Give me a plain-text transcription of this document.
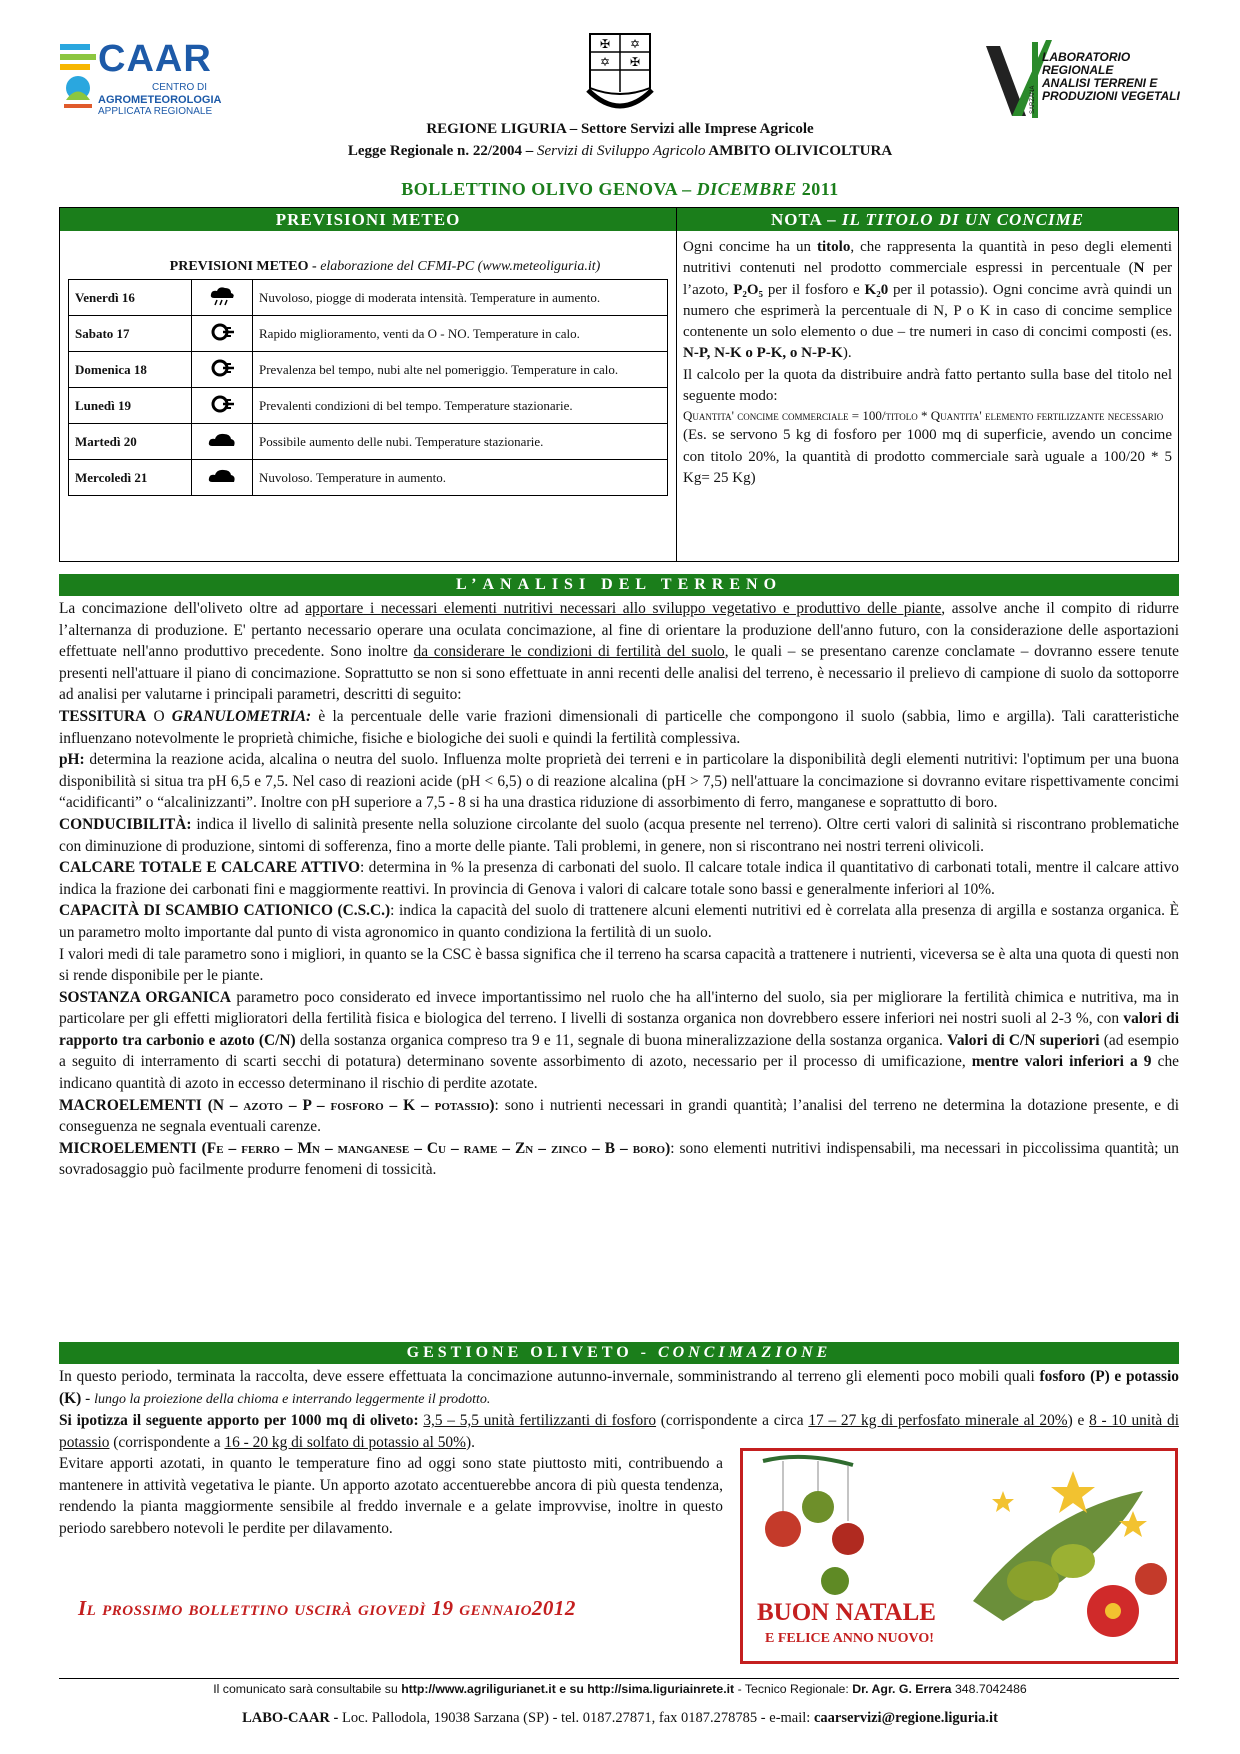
CAAR
CENTRO DI
AGROMETEOROLOGIA
APPLICATA REGIONALE
✠ ✡
✡ ✠	LABORATORIO
REGIONALE
ANALISI TERRENI E
PRODUZIONI VEGETALI
SARZANA
REGIONE LIGURIA – Settore Servizi alle Imprese Agricole
Legge Regionale n. 22/2004 – Servizi di Sviluppo Agricolo AMBITO OLIVICOLTURA
BOLLETTINO OLIVO GENOVA – DICEMBRE 2011
PREVISIONI METEO
PREVISIONI METEO - elaborazione del CFMI-PC (www.meteoliguria.it)
Venerdì 16		Nuvoloso, piogge di moderata intensità. Temperature in aumento.
Sabato 17		Rapido miglioramento, venti da O - NO. Temperature in calo.
Domenica 18		Prevalenza bel tempo, nubi alte nel pomeriggio. Temperature in calo.
Lunedì 19		Prevalenti condizioni di bel tempo. Temperature stazionarie.
Martedì 20		Possibile aumento delle nubi. Temperature stazionarie.
Mercoledì 21		Nuvoloso. Temperature in aumento.
NOTA – IL TITOLO DI UN CONCIME

Ogni concime ha un titolo, che rappresenta la quantità in peso degli elementi nutritivi contenuti nel prodotto commerciale espressi in percentuale (N per l’azoto, P₂O₅ per il fosforo e K₂0 per il potassio). Ogni concime avrà quindi un numero che esprimerà la percentuale di N, P o K in caso di concime semplice contenente un solo elemento o due – tre numeri in caso di concimi composti (es. N-P, N-K o P-K, o N-P-K).

Il calcolo per la quota da distribuire andrà fatto pertanto sulla base del titolo nel seguente modo:

Quantita' concime commerciale = 100/titolo * Quantita' elemento fertilizzante necessario

(Es. se servono 5 kg di fosforo per 1000 mq di superficie, avendo un concime con titolo 20%, la quantità di prodotto commerciale sarà uguale a 100/20 * 5 Kg= 25 Kg)

L’ANALISI DEL TERRENO

La concimazione dell'oliveto oltre ad apportare i necessari elementi nutritivi necessari allo sviluppo vegetativo e produttivo delle piante, assolve anche il compito di ridurre l’alternanza di produzione. E' pertanto necessario operare una oculata concimazione, al fine di orientare la produzione dell'anno futuro, con la considerazione delle asportazioni effettuate nell'anno produttivo precedente. Sono inoltre da considerare le condizioni di fertilità del suolo, le quali – se presentano carenze conclamate – dovranno essere tenute presenti nell'attuare il piano di concimazione. Soprattutto se non si sono effettuate in anni recenti delle analisi del terreno, è necessario il prelievo di campione di suolo da sottoporre ad analisi per valutarne i principali parametri, descritti di seguito:

TESSITURA O GRANULOMETRIA: è la percentuale delle varie frazioni dimensionali di particelle che compongono il suolo (sabbia, limo e argilla). Tali caratteristiche influenzano notevolmente le proprietà chimiche, fisiche e biologiche dei suoli e quindi la fertilità complessiva.

pH: determina la reazione acida, alcalina o neutra del suolo. Influenza molte proprietà dei terreni e in particolare la disponibilità degli elementi nutritivi: l'optimum per una buona disponibilità si situa tra pH 6,5 e 7,5. Nel caso di reazioni acide (pH < 6,5) o di reazione alcalina (pH > 7,5) nell'attuare la concimazione si dovranno evitare rispettivamente concimi “acidificanti” o “alcalinizzanti”. Inoltre con pH superiore a 7,5 - 8 si ha una drastica riduzione di assorbimento di ferro, manganese e soprattutto di boro.

CONDUCIBILITÀ: indica il livello di salinità presente nella soluzione circolante del suolo (acqua presente nel terreno). Oltre certi valori di salinità si riscontrano problematiche con diminuzione di produzione, sintomi di sofferenza, fino a morte delle piante. Tali problemi, in genere, non si riscontrano nei nostri terreni olivicoli.

CALCARE TOTALE E CALCARE ATTIVO: determina in % la presenza di carbonati del suolo. Il calcare totale indica il quantitativo di carbonati totali, mentre il calcare attivo indica la frazione dei carbonati fini e maggiormente reattivi. In provincia di Genova i valori di calcare totale sono bassi e generalmente inferiori al 10%.

CAPACITÀ DI SCAMBIO CATIONICO (C.S.C.): indica la capacità del suolo di trattenere alcuni elementi nutritivi ed è correlata alla presenza di argilla e sostanza organica. È un parametro molto importante dal punto di vista agronomico in quanto condiziona la fertilità di un suolo.

I valori medi di tale parametro sono i migliori, in quanto se la CSC è bassa significa che il terreno ha scarsa capacità a trattenere i nutrienti, viceversa se è alta una quota di questi non si rende disponibile per le piante.

SOSTANZA ORGANICA parametro poco considerato ed invece importantissimo nel ruolo che ha all'interno del suolo, sia per migliorare la fertilità chimica e nutritiva, ma in particolare per gli effetti miglioratori della fertilità fisica e biologica del terreno. I livelli di sostanza organica non dovrebbero essere inferiori nei nostri suoli al 2-3 %, con valori di rapporto tra carbonio e azoto (C/N) della sostanza organica compreso tra 9 e 11, segnale di buona mineralizzazione della sostanza organica. Valori di C/N superiori (ad esempio a seguito di interramento di scarti secchi di potatura) determinano sovente assorbimento di azoto, necessario per il processo di umificazione, mentre valori inferiori a 9 che indicano quantità di azoto in eccesso determinano il rischio di perdite azotate.

MACROELEMENTI (N – azoto – P – fosforo – K – potassio): sono i nutrienti necessari in grandi quantità; l’analisi del terreno ne determina la dotazione presente, e di conseguenza ne segnala eventuali carenze.

MICROELEMENTI (Fe – ferro – Mn – manganese – Cu – rame – Zn – zinco – B – boro): sono elementi nutritivi indispensabili, ma necessari in piccolissima quantità; un sovradosaggio può facilmente produrre fenomeni di tossicità.

GESTIONE OLIVETO - CONCIMAZIONE

In questo periodo, terminata la raccolta, deve essere effettuata la concimazione autunno-invernale, somministrando al terreno gli elementi poco mobili quali fosforo (P) e potassio (K) - lungo la proiezione della chioma e interrando leggermente il prodotto.

Si ipotizza il seguente apporto per 1000 mq di oliveto: 3,5 – 5,5 unità fertilizzanti di fosforo (corrispondente a circa 17 – 27 kg di perfosfato minerale al 20%) e 8 - 10 unità di potassio (corrispondente a 16 - 20 kg di solfato di potassio al 50%).

Evitare apporti azotati, in quanto le temperature fino ad oggi sono state piuttosto miti, contribuendo a mantenere in attività vegetativa le piante. Un apporto azotato accentuerebbe ancora di più questa tendenza, rendendo la pianta maggiormente sensibile al freddo invernale e a gelate improvvise, inoltre in questo periodo sarebbero notevoli le perdite per dilavamento.
Il prossimo bollettino uscirà giovedì 19 gennaio2012	BUON NATALE
E FELICE ANNO NUOVO!
Il comunicato sarà consultabile su http://www.agriligurianet.it e su http://sima.liguriainrete.it - Tecnico Regionale: Dr. Agr. G. Errera 348.7042486
LABO-CAAR - Loc. Pallodola, 19038 Sarzana (SP) - tel. 0187.27871, fax 0187.278785 - e-mail: caarservizi@regione.liguria.it
